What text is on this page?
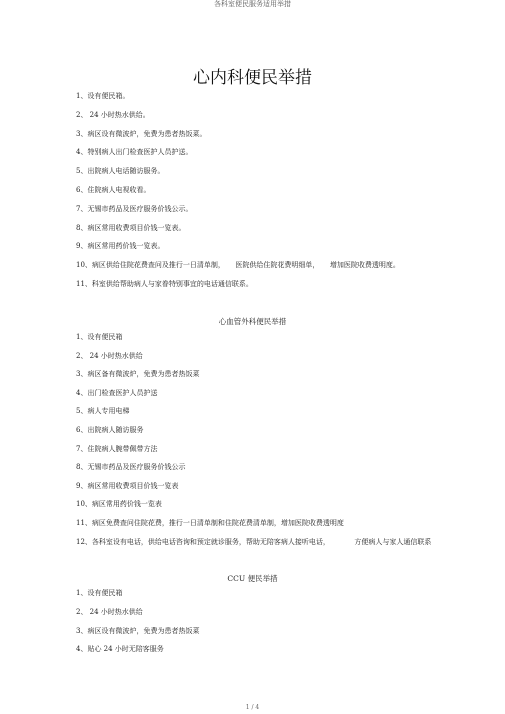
各科室便民服务适用举措
心内科便民举措
1、设有便民箱。
2、 24 小时热水供给。
3、病区设有微波炉，免费为患者热饭菜。
4、特别病人出门检查医护人员护送。
5、出院病人电话随访服务。
6、住院病人电视收看。
7、无锡市药品及医疗服务价钱公示。
8、病区常用收费项目价钱一览表。
9、病区常用药价钱一览表。
10、病区供给住院花费查问及推行一日清单制，　　医院供给住院花费明细单，　　增加医院收费透明度。
11、科室供给帮助病人与家眷特别事宜的电话通信联系。
心血管外科便民举措
1、设有便民箱
2、 24 小时热水供给
3、病区备有微波炉，免费为患者热饭菜
4、出门检查医护人员护送
5、病人专用电梯
6、出院病人随访服务
7、住院病人腕带佩带方法
8、无锡市药品及医疗服务价钱公示
9、病区常用收费项目价钱一览表
10、病区常用药价钱一览表
11、病区免费查问住院花费，推行一日清单制和住院花费清单制，增加医院收费透明度
12、各科室设有电话，供给电话咨询和预定就诊服务，帮助无陪客病人接听电话，　　　　方便病人与家人通信联系
CCU 便民举措
1、设有便民箱
2、 24 小时热水供给
3、病区设有微波炉，免费为患者热饭菜
4、贴心 24 小时无陪客服务
1 / 4
